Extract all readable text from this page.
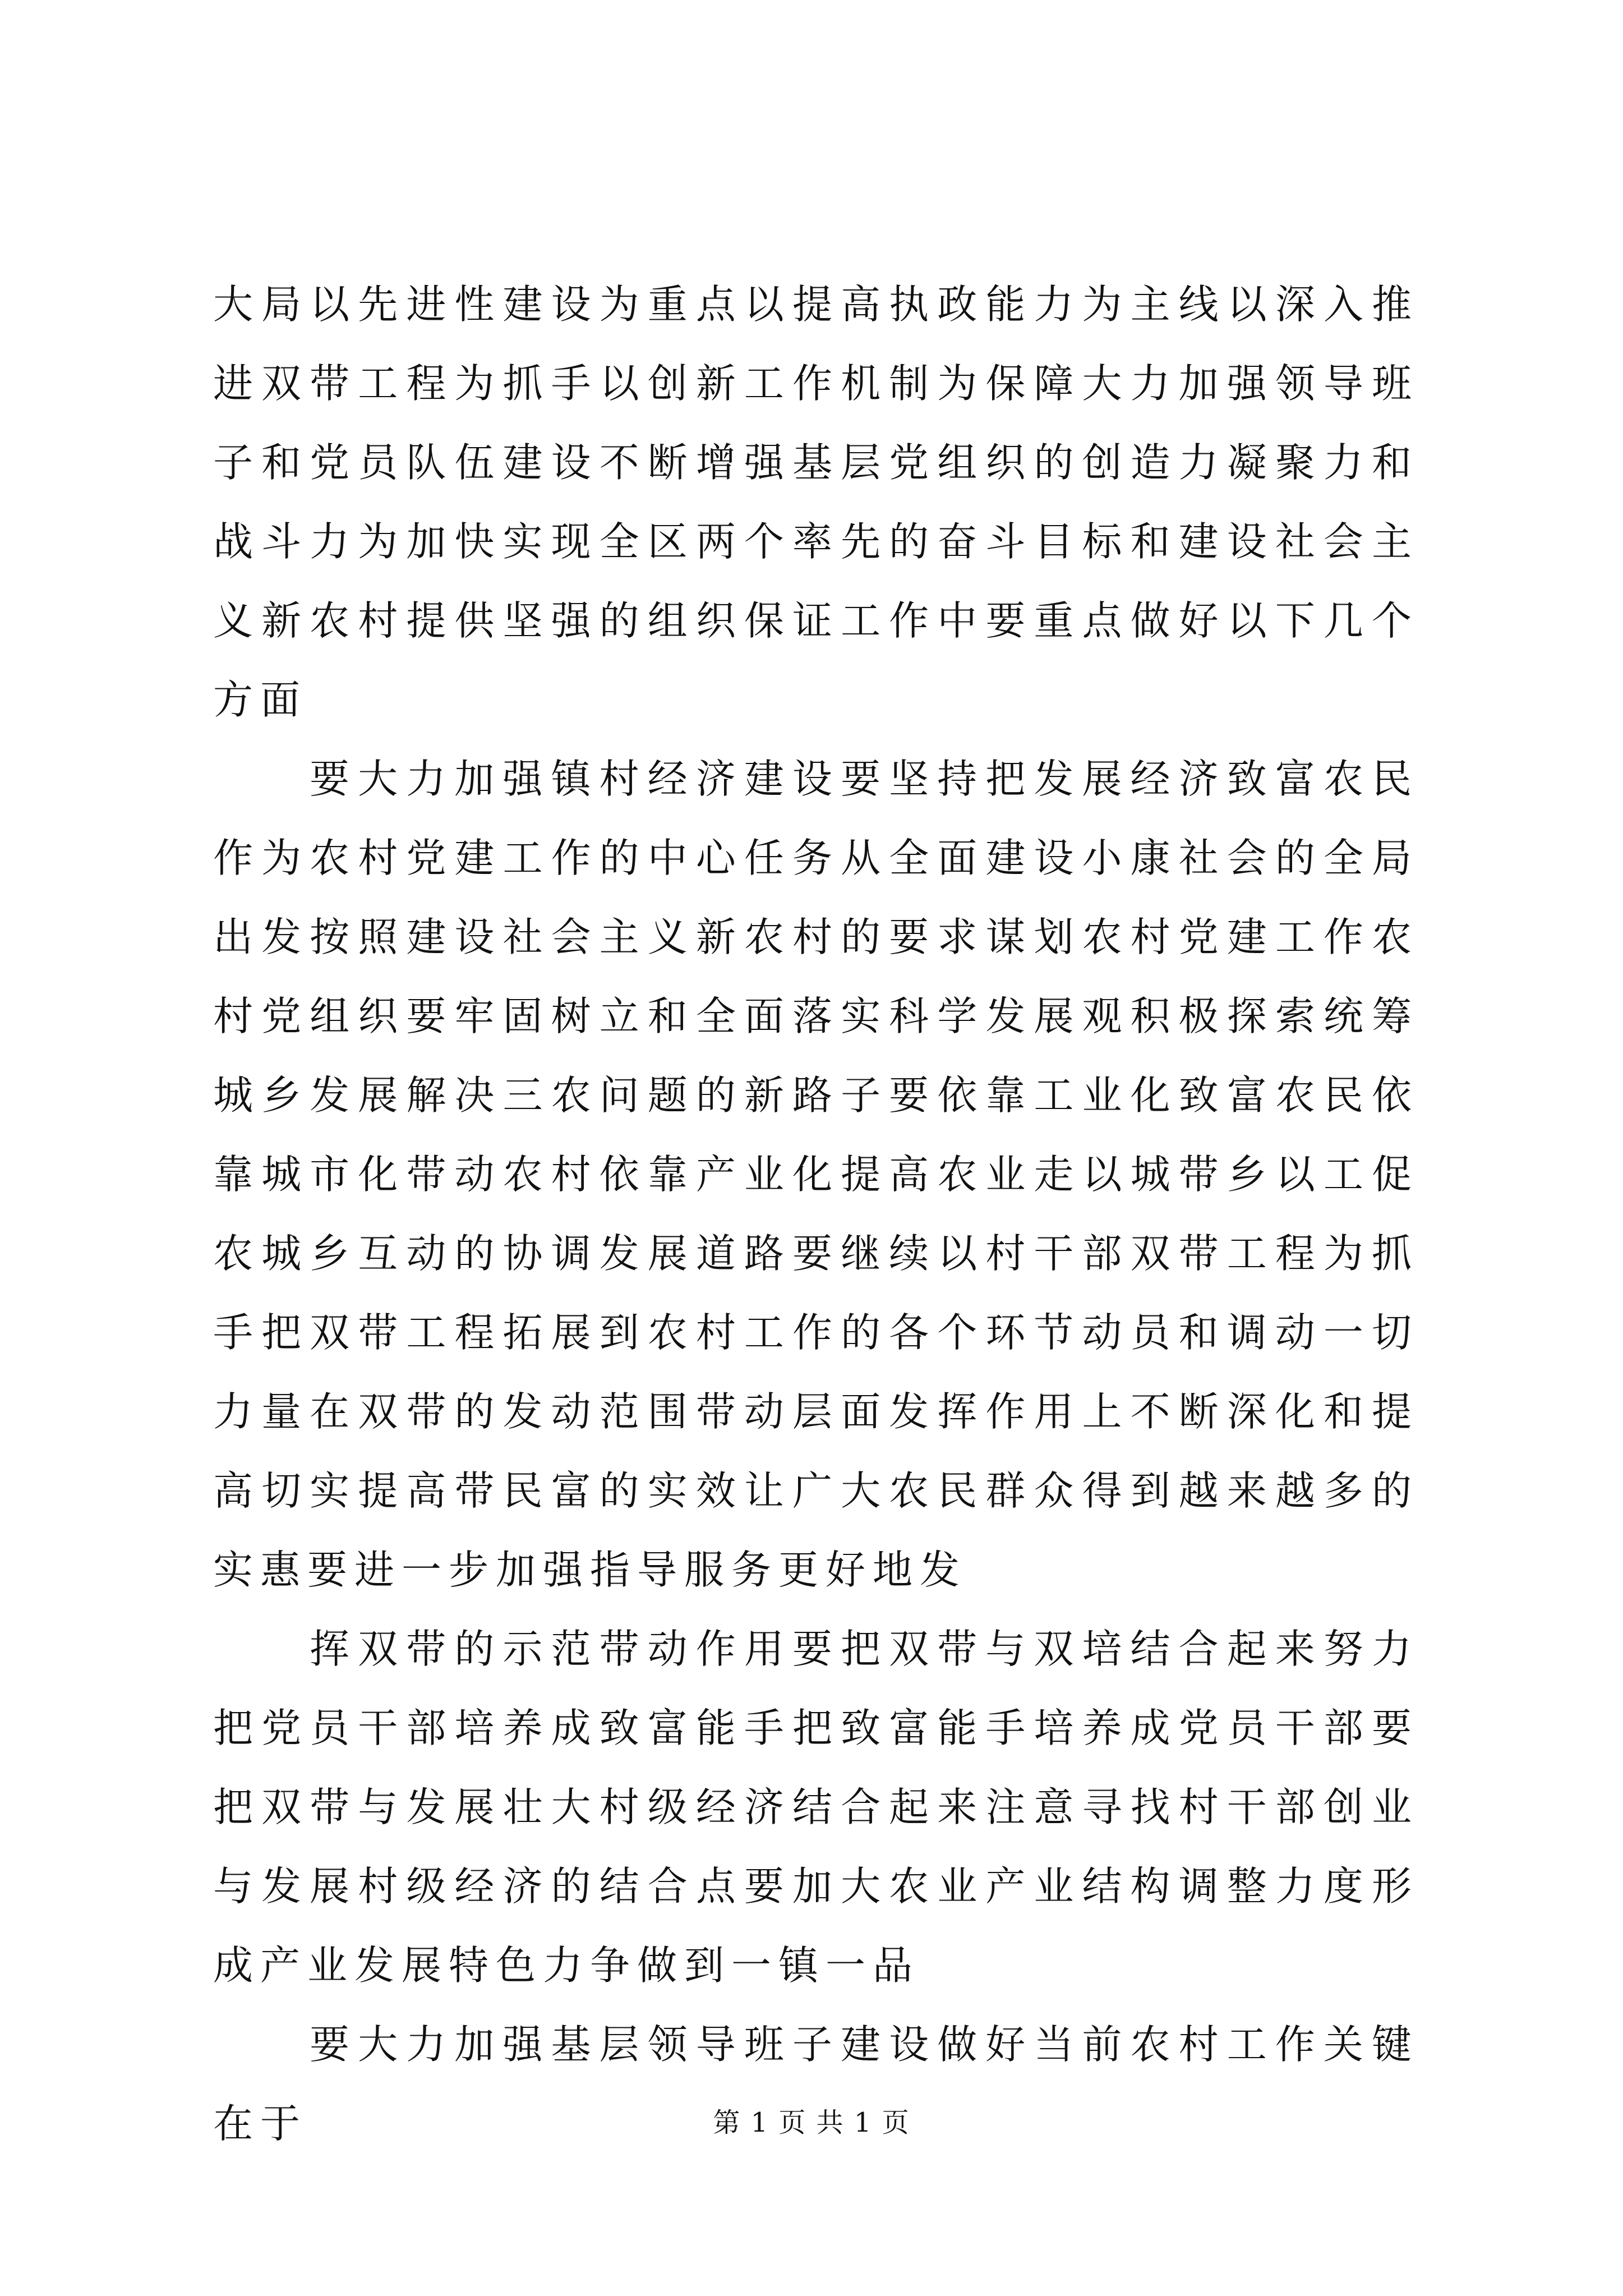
大局以先进性建设为重点以提高执政能力为主线以深入推进双带工程为抓手以创新工作机制为保障大力加强领导班子和党员队伍建设不断增强基层党组织的创造力凝聚力和战斗力为加快实现全区两个率先的奋斗目标和建设社会主义新农村提供坚强的组织保证工作中要重点做好以下几个方面

要大力加强镇村经济建设要坚持把发展经济致富农民作为农村党建工作的中心任务从全面建设小康社会的全局出发按照建设社会主义新农村的要求谋划农村党建工作农村党组织要牢固树立和全面落实科学发展观积极探索统筹城乡发展解决三农问题的新路子要依靠工业化致富农民依靠城市化带动农村依靠产业化提高农业走以城带乡以工促农城乡互动的协调发展道路要继续以村干部双带工程为抓手把双带工程拓展到农村工作的各个环节动员和调动一切力量在双带的发动范围带动层面发挥作用上不断深化和提高切实提高带民富的实效让广大农民群众得到越来越多的实惠要进一步加强指导服务更好地发

挥双带的示范带动作用要把双带与双培结合起来努力把党员干部培养成致富能手把致富能手培养成党员干部要把双带与发展壮大村级经济结合起来注意寻找村干部创业与发展村级经济的结合点要加大农业产业结构调整力度形成产业发展特色力争做到一镇一品

要大力加强基层领导班子建设做好当前农村工作关键在于	第 1 页 共 1 页
